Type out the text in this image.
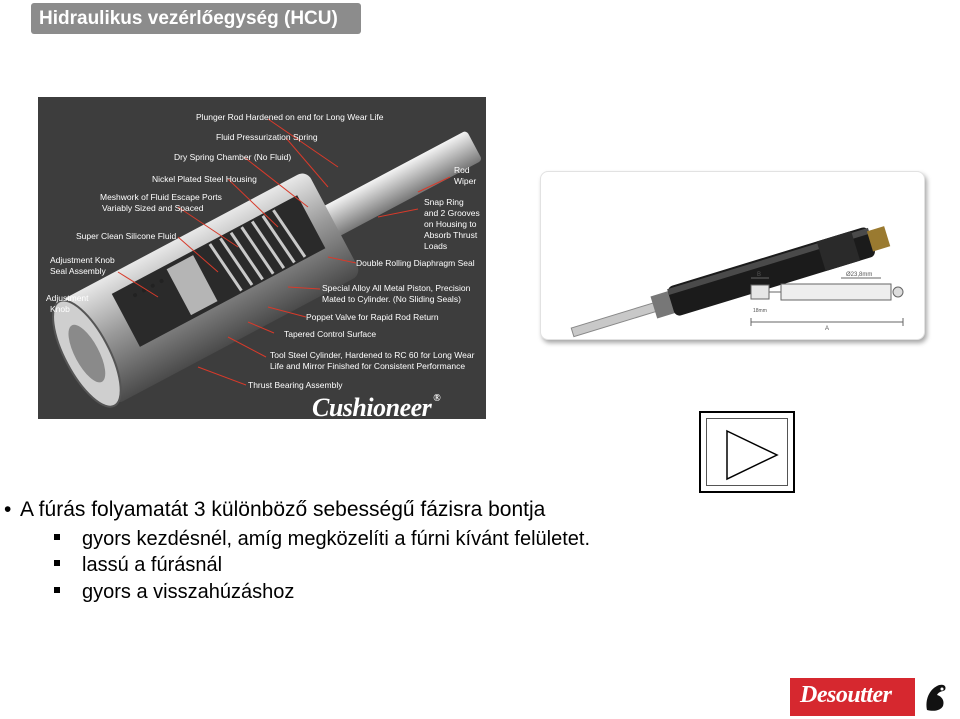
Hidraulikus vezérlőegység (HCU)
Plunger Rod Hardened on end for Long Wear Life
Fluid Pressurization Spring
Dry Spring Chamber (No Fluid)
Nickel Plated Steel Housing
Meshwork of Fluid Escape Ports
Variably Sized and Spaced
Super Clean Silicone Fluid
Adjustment Knob
Seal Assembly
Adjustment
Knob
Rod
Wiper
Snap Ring
and 2 Grooves
on Housing to
Absorb Thrust
Loads
Double Rolling Diaphragm Seal
Special Alloy All Metal Piston, Precision
Mated to Cylinder. (No Sliding Seals)
Poppet Valve for Rapid Rod Return
Tapered Control Surface
Tool Steel Cylinder, Hardened to RC 60 for Long Wear
Life and Mirror Finished for Consistent Performance
Thrust Bearing Assembly
Cushioneer ®
A
B	Ø23,8mm
18mm
• A fúrás folyamatát 3 különböző sebességű fázisra bontja
gyors kezdésnél, amíg megközelíti a fúrni kívánt felületet.
lassú a fúrásnál
gyors a visszahúzáshoz
Desoutter
